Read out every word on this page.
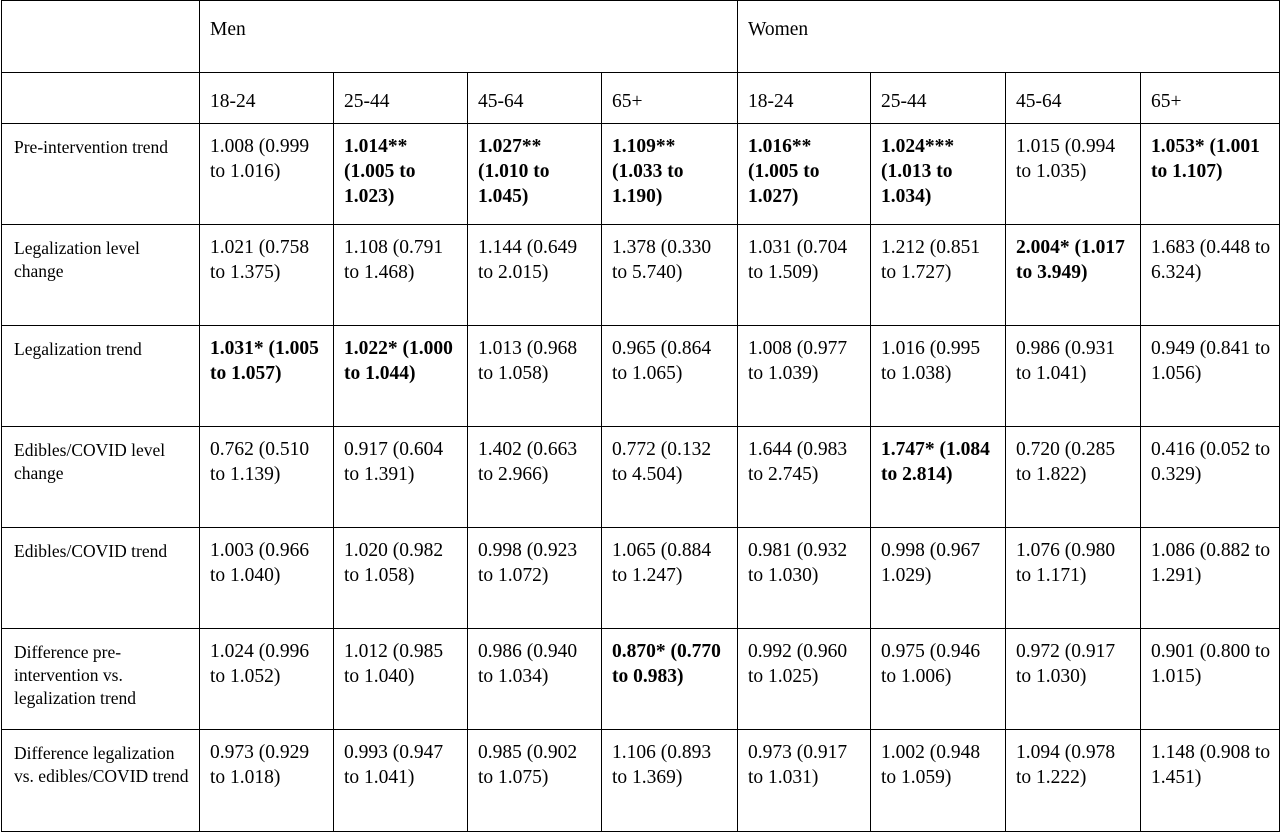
	Men				Women			
	18-24	25-44	45-64	65+	18-24	25-44	45-64	65+
Pre-intervention trend	1.008 (0.999 to 1.016)	1.014** (1.005 to 1.023)	1.027** (1.010 to 1.045)	1.109** (1.033 to 1.190)	1.016** (1.005 to 1.027)	1.024*** (1.013 to 1.034)	1.015 (0.994 to 1.035)	1.053* (1.001 to 1.107)
Legalization level change	1.021 (0.758 to 1.375)	1.108 (0.791 to 1.468)	1.144 (0.649 to 2.015)	1.378 (0.330 to 5.740)	1.031 (0.704 to 1.509)	1.212 (0.851 to 1.727)	2.004* (1.017 to 3.949)	1.683 (0.448 to 6.324)
Legalization trend	1.031* (1.005 to 1.057)	1.022* (1.000 to 1.044)	1.013 (0.968 to 1.058)	0.965 (0.864 to 1.065)	1.008 (0.977 to 1.039)	1.016 (0.995 to 1.038)	0.986 (0.931 to 1.041)	0.949 (0.841 to 1.056)
Edibles/COVID level change	0.762 (0.510 to 1.139)	0.917 (0.604 to 1.391)	1.402 (0.663 to 2.966)	0.772 (0.132 to 4.504)	1.644 (0.983 to 2.745)	1.747* (1.084 to 2.814)	0.720 (0.285 to 1.822)	0.416 (0.052 to 0.329)
Edibles/COVID trend	1.003 (0.966 to 1.040)	1.020 (0.982 to 1.058)	0.998 (0.923 to 1.072)	1.065 (0.884 to 1.247)	0.981 (0.932 to 1.030)	0.998 (0.967 1.029)	1.076 (0.980 to 1.171)	1.086 (0.882 to 1.291)
Difference pre-intervention vs. legalization trend	1.024 (0.996 to 1.052)	1.012 (0.985 to 1.040)	0.986 (0.940 to 1.034)	0.870* (0.770 to 0.983)	0.992 (0.960 to 1.025)	0.975 (0.946 to 1.006)	0.972 (0.917 to 1.030)	0.901 (0.800 to 1.015)
Difference legalization vs. edibles/COVID trend	0.973 (0.929 to 1.018)	0.993 (0.947 to 1.041)	0.985 (0.902 to 1.075)	1.106 (0.893 to 1.369)	0.973 (0.917 to 1.031)	1.002 (0.948 to 1.059)	1.094 (0.978 to 1.222)	1.148 (0.908 to 1.451)
